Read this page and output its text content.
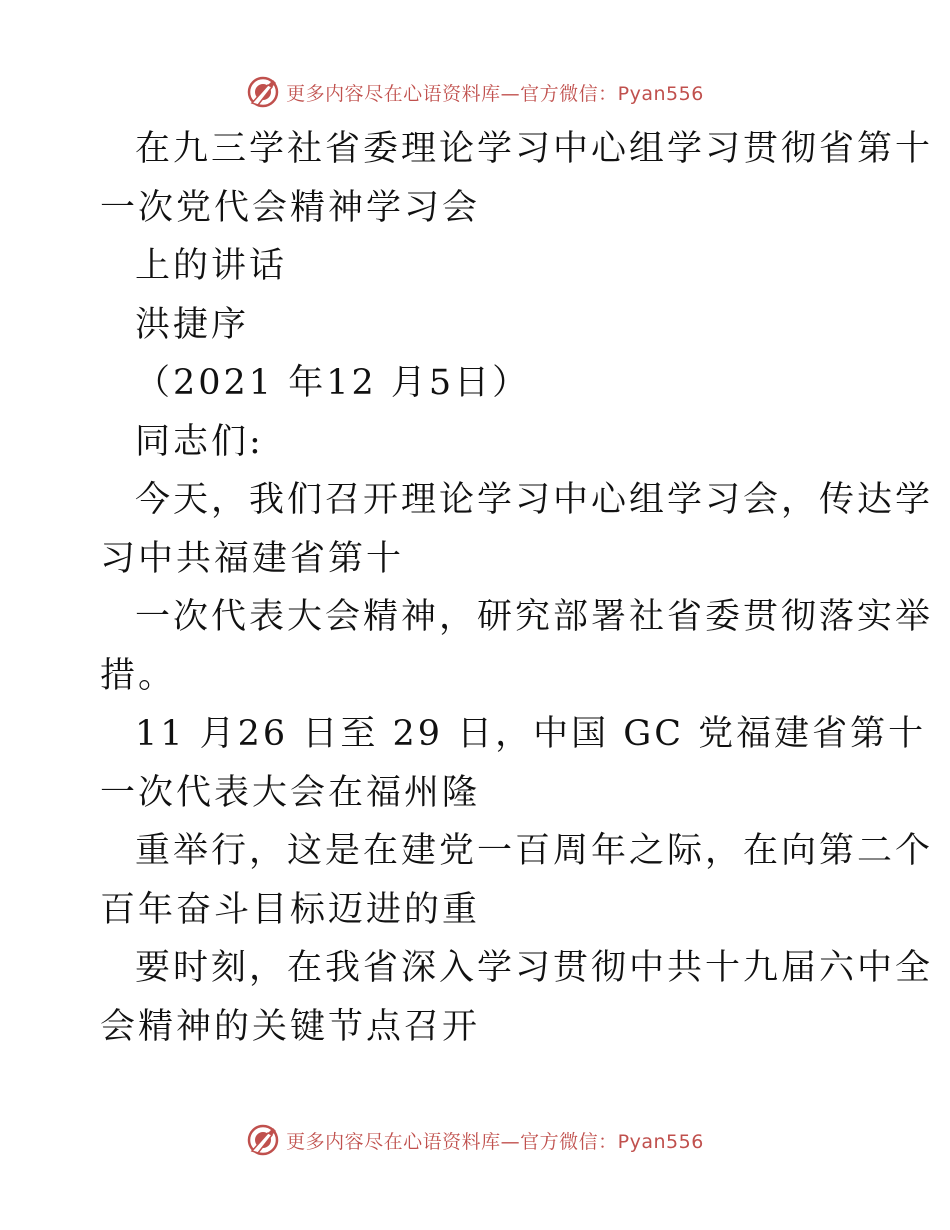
更多内容尽在心语资料库—官方微信：Pyan556
在九三学社省委理论学习中心组学习贯彻省第十
一次党代会精神学习会
上的讲话
洪捷序
（2021 年12 月5日）
同志们:
今天，我们召开理论学习中心组学习会，传达学
习中共福建省第十
一次代表大会精神，研究部署社省委贯彻落实举
措。
11 月26 日至 29 日，中国 GC 党福建省第十
一次代表大会在福州隆
重举行，这是在建党一百周年之际，在向第二个
百年奋斗目标迈进的重
要时刻，在我省深入学习贯彻中共十九届六中全
会精神的关键节点召开
更多内容尽在心语资料库—官方微信：Pyan556
